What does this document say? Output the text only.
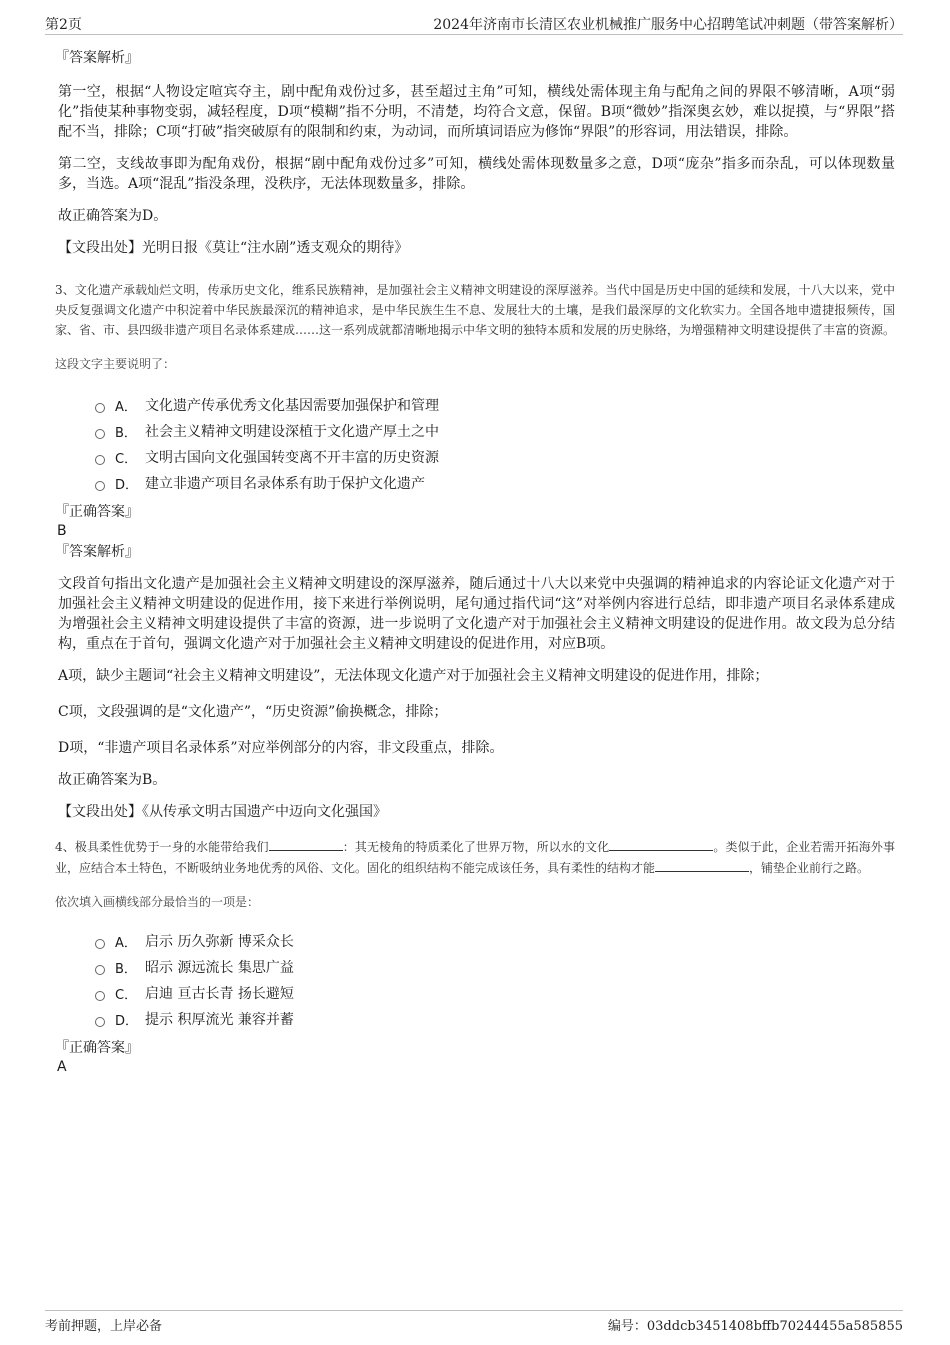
第2页	2024年济南市长清区农业机械推广服务中心招聘笔试冲刺题（带答案解析）
『答案解析』

第一空，根据“人物设定喧宾夺主，剧中配角戏份过多，甚至超过主角”可知，横线处需体现主角与配角之间的界限不够清晰，A项“弱化”指使某种事物变弱，减轻程度，D项“模糊”指不分明，不清楚，均符合文意，保留。B项“微妙”指深奥玄妙，难以捉摸，与“界限”搭配不当，排除；C项“打破”指突破原有的限制和约束，为动词，而所填词语应为修饰“界限”的形容词，用法错误，排除。

第二空，支线故事即为配角戏份，根据“剧中配角戏份过多”可知，横线处需体现数量多之意，D项“庞杂”指多而杂乱，可以体现数量多，当选。A项“混乱”指没条理，没秩序，无法体现数量多，排除。

故正确答案为D。

【文段出处】光明日报《莫让“注水剧”透支观众的期待》

3、文化遗产承载灿烂文明，传承历史文化，维系民族精神，是加强社会主义精神文明建设的深厚滋养。当代中国是历史中国的延续和发展，十八大以来，党中央反复强调文化遗产中积淀着中华民族最深沉的精神追求，是中华民族生生不息、发展壮大的土壤，是我们最深厚的文化软实力。全国各地申遗捷报频传，国家、省、市、县四级非遗产项目名录体系建成……这一系列成就都清晰地揭示中华文明的独特本质和发展的历史脉络，为增强精神文明建设提供了丰富的资源。

这段文字主要说明了：

A． 文化遗产传承优秀文化基因需要加强保护和管理
B． 社会主义精神文明建设深植于文化遗产厚土之中
C． 文明古国向文化强国转变离不开丰富的历史资源
D． 建立非遗产项目名录体系有助于保护文化遗产
『正确答案』
B
『答案解析』

文段首句指出文化遗产是加强社会主义精神文明建设的深厚滋养，随后通过十八大以来党中央强调的精神追求的内容论证文化遗产对于加强社会主义精神文明建设的促进作用，接下来进行举例说明，尾句通过指代词“这”对举例内容进行总结，即非遗产项目名录体系建成为增强社会主义精神文明建设提供了丰富的资源，进一步说明了文化遗产对于加强社会主义精神文明建设的促进作用。故文段为总分结构，重点在于首句，强调文化遗产对于加强社会主义精神文明建设的促进作用，对应B项。

A项，缺少主题词“社会主义精神文明建设”，无法体现文化遗产对于加强社会主义精神文明建设的促进作用，排除；

C项，文段强调的是“文化遗产”，“历史资源”偷换概念，排除；

D项，“非遗产项目名录体系”对应举例部分的内容，非文段重点，排除。

故正确答案为B。

【文段出处】《从传承文明古国遗产中迈向文化强国》

4、极具柔性优势于一身的水能带给我们	：其无棱角的特质柔化了世界万物，所以水的文化	。类似于此，企业若需开拓海外事业，应结合本土特色，不断吸纳业务地优秀的风俗、文化。固化的组织结构不能完成该任务，具有柔性的结构才能	，铺垫企业前行之路。

依次填入画横线部分最恰当的一项是：

A． 启示 历久弥新 博采众长
B． 昭示 源远流长 集思广益
C． 启迪 亘古长青 扬长避短
D． 提示 积厚流光 兼容并蓄
『正确答案』
A
考前押题，上岸必备	编号：03ddcb3451408bffb70244455a585855
